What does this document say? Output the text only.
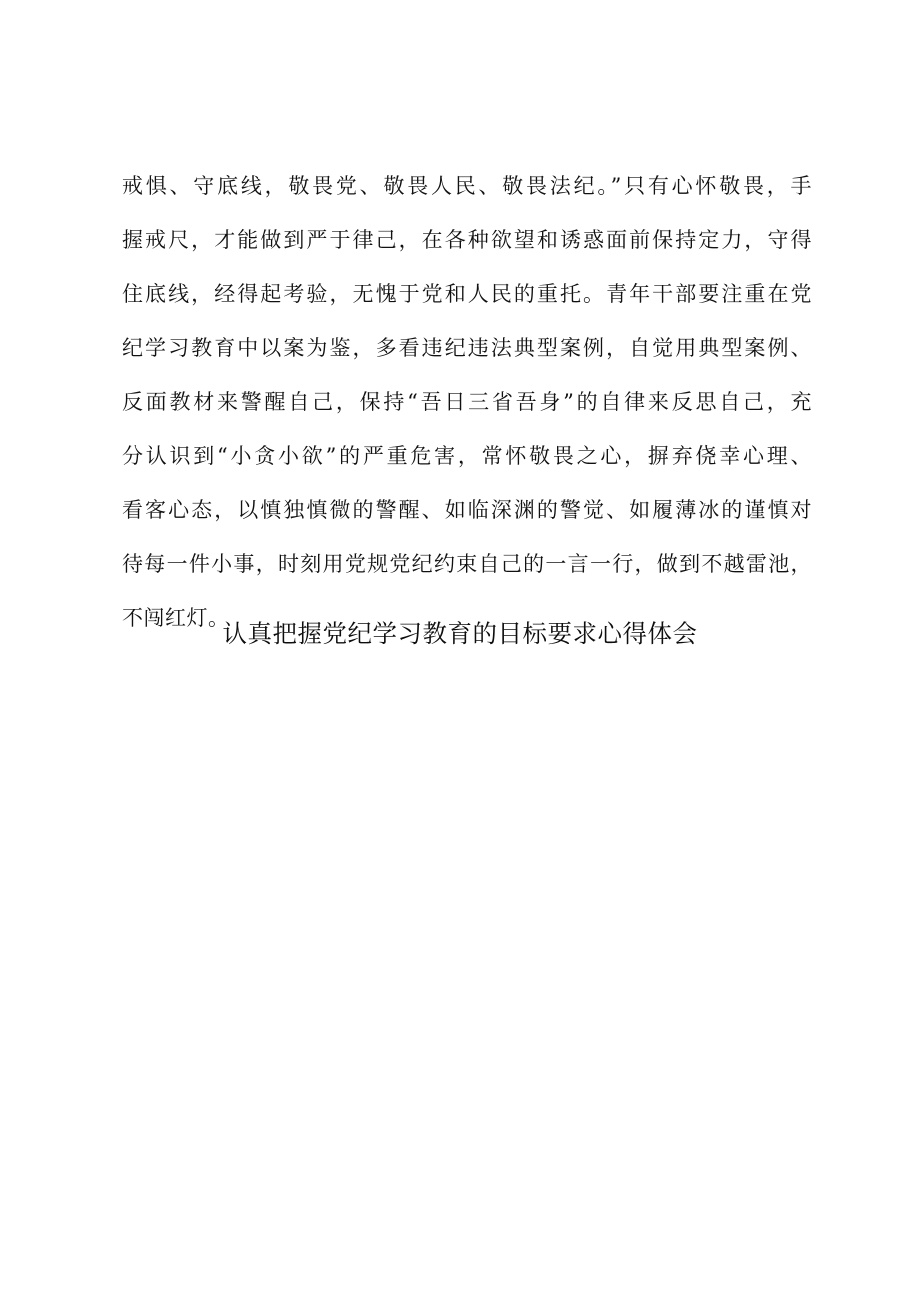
戒惧、守底线，敬畏党、敬畏人民、敬畏法纪。”只有心怀敬畏，手
握戒尺，才能做到严于律己，在各种欲望和诱惑面前保持定力，守得
住底线，经得起考验，无愧于党和人民的重托。青年干部要注重在党
纪学习教育中以案为鉴，多看违纪违法典型案例，自觉用典型案例、
反面教材来警醒自己，保持“吾日三省吾身”的自律来反思自己，充
分认识到“小贪小欲”的严重危害，常怀敬畏之心，摒弃侥幸心理、
看客心态，以慎独慎微的警醒、如临深渊的警觉、如履薄冰的谨慎对
待每一件小事，时刻用党规党纪约束自己的一言一行，做到不越雷池，
不闯红灯。
认真把握党纪学习教育的目标要求心得体会
